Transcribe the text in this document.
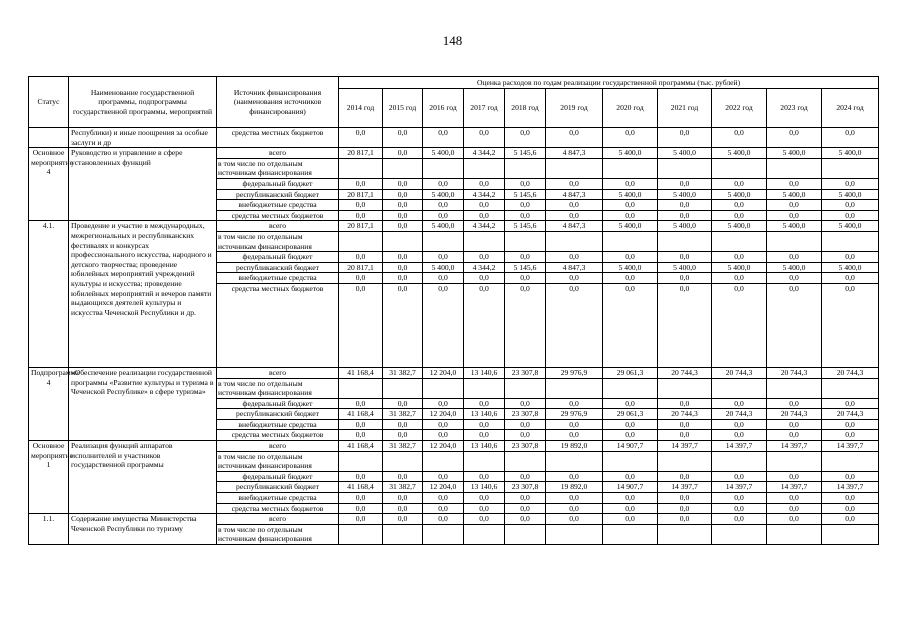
148
Статус	Наименование государственной программы, подпрограммы государственной программы, мероприятий	Источник финансирования (наименования источников финансирования)	Оценка расходов по годам реализации государственной программы (тыс. рублей)										
			2014 год	2015 год	2016 год	2017 год	2018 год	2019 год	2020 год	2021 год	2022 год	2023 год	2024 год
	Республики) и иные поощрения за особые заслуги и др	средства местных бюджетов	0,0	0,0	0,0	0,0	0,0	0,0	0,0	0,0	0,0	0,0	0,0
Основное мероприятие 4	Руководство и управление в сфере установленных функций	всего	20 817,1	0,0	5 400,0	4 344,2	5 145,6	4 847,3	5 400,0	5 400,0	5 400,0	5 400,0	5 400,0
		в том числе по отдельным источникам финансирования											
		федеральный бюджет	0,0	0,0	0,0	0,0	0,0	0,0	0,0	0,0	0,0	0,0	0,0
		республиканский бюджет	20 817,1	0,0	5 400,0	4 344,2	5 145,6	4 847,3	5 400,0	5 400,0	5 400,0	5 400,0	5 400,0
		внебюджетные средства	0,0	0,0	0,0	0,0	0,0	0,0	0,0	0,0	0,0	0,0	0,0
		средства местных бюджетов	0,0	0,0	0,0	0,0	0,0	0,0	0,0	0,0	0,0	0,0	0,0
4.1.	Проведение и участие в международных, межрегиональных и республиканских фестивалях и конкурсах профессионального искусства, народного и детского творчества; проведение юбилейных мероприятий учреждений культуры и искусства; проведение юбилейных мероприятий и вечеров памяти выдающихся деятелей культуры и искусства Чеченской Республики и др.	всего	20 817,1	0,0	5 400,0	4 344,2	5 145,6	4 847,3	5 400,0	5 400,0	5 400,0	5 400,0	5 400,0
		в том числе по отдельным источникам финансирования											
		федеральный бюджет	0,0	0,0	0,0	0,0	0,0	0,0	0,0	0,0	0,0	0,0	0,0
		республиканский бюджет	20 817,1	0,0	5 400,0	4 344,2	5 145,6	4 847,3	5 400,0	5 400,0	5 400,0	5 400,0	5 400,0
		внебюджетные средства	0,0	0,0	0,0	0,0	0,0	0,0	0,0	0,0	0,0	0,0	0,0
		средства местных бюджетов	0,0	0,0	0,0	0,0	0,0	0,0	0,0	0,0	0,0	0,0	0,0
Подпрограмма 4	«Обеспечение реализации государственной программы «Развитие культуры и туризма в Чеченской Республике» в сфере туризма»	всего	41 168,4	31 382,7	12 204,0	13 140,6	23 307,8	29 976,9	29 061,3	20 744,3	20 744,3	20 744,3	20 744,3
		в том числе по отдельным источникам финансирования											
		федеральный бюджет	0,0	0,0	0,0	0,0	0,0	0,0	0,0	0,0	0,0	0,0	0,0
		республиканский бюджет	41 168,4	31 382,7	12 204,0	13 140,6	23 307,8	29 976,9	29 061,3	20 744,3	20 744,3	20 744,3	20 744,3
		внебюджетные средства	0,0	0,0	0,0	0,0	0,0	0,0	0,0	0,0	0,0	0,0	0,0
		средства местных бюджетов	0,0	0,0	0,0	0,0	0,0	0,0	0,0	0,0	0,0	0,0	0,0
Основное мероприятие 1	Реализация функций аппаратов исполнителей и участников государственной программы	всего	41 168,4	31 382,7	12 204,0	13 140,6	23 307,8	19 892,0	14 907,7	14 397,7	14 397,7	14 397,7	14 397,7
		в том числе по отдельным источникам финансирования											
		федеральный бюджет	0,0	0,0	0,0	0,0	0,0	0,0	0,0	0,0	0,0	0,0	0,0
		республиканский бюджет	41 168,4	31 382,7	12 204,0	13 140,6	23 307,8	19 892,0	14 907,7	14 397,7	14 397,7	14 397,7	14 397,7
		внебюджетные средства	0,0	0,0	0,0	0,0	0,0	0,0	0,0	0,0	0,0	0,0	0,0
		средства местных бюджетов	0,0	0,0	0,0	0,0	0,0	0,0	0,0	0,0	0,0	0,0	0,0
1.1.	Содержание имущества Министерства Чеченской Республики по туризму	всего	0,0	0,0	0,0	0,0	0,0	0,0	0,0	0,0	0,0	0,0	0,0
		в том числе по отдельным источникам финансирования											
